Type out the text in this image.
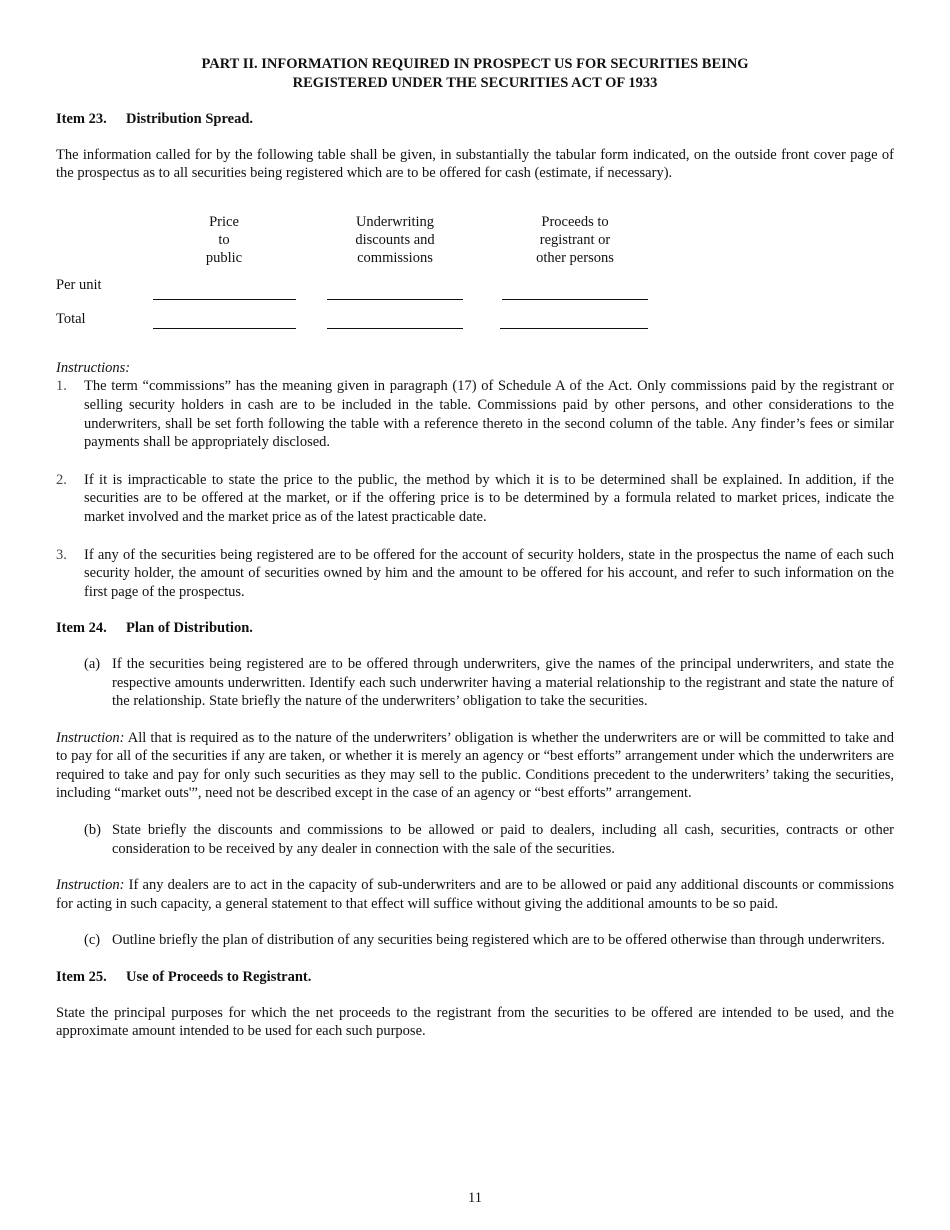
PART II. INFORMATION REQUIRED IN PROSPECT US FOR SECURITIES BEING
REGISTERED UNDER THE SECURITIES ACT OF 1933

Item 23. Distribution Spread.

The information called for by the following table shall be given, in substantially the tabular form indicated, on the outside front cover page of the prospectus as to all securities being registered which are to be offered for cash (estimate, if necessary).

Price
to
public
Underwriting
discounts and
commissions
Proceeds to
registrant or
other persons
Per unit
Total

Instructions:

1. The term “commissions” has the meaning given in paragraph (17) of Schedule A of the Act. Only commissions paid by the registrant or selling security holders in cash are to be included in the table. Commissions paid by other persons, and other considerations to the underwriters, shall be set forth following the table with a reference thereto in the second column of the table. Any finder’s fees or similar payments shall be appropriately disclosed.
2. If it is impracticable to state the price to the public, the method by which it is to be determined shall be explained. In addition, if the securities are to be offered at the market, or if the offering price is to be determined by a formula related to market prices, indicate the market involved and the market price as of the latest practicable date.
3. If any of the securities being registered are to be offered for the account of security holders, state in the prospectus the name of each such security holder, the amount of securities owned by him and the amount to be offered for his account, and refer to such information on the first page of the prospectus.

Item 24. Plan of Distribution.

(a) If the securities being registered are to be offered through underwriters, give the names of the principal underwriters, and state the respective amounts underwritten. Identify each such underwriter having a material relationship to the registrant and state the nature of the relationship. State briefly the nature of the underwriters’ obligation to take the securities.

Instruction: All that is required as to the nature of the underwriters’ obligation is whether the underwriters are or will be committed to take and to pay for all of the securities if any are taken, or whether it is merely an agency or “best efforts” arrangement under which the underwriters are required to take and pay for only such securities as they may sell to the public. Conditions precedent to the underwriters’ taking the securities, including “market outs'”, need not be described except in the case of an agency or “best efforts” arrangement.

(b) State briefly the discounts and commissions to be allowed or paid to dealers, including all cash, securities, contracts or other consideration to be received by any dealer in connection with the sale of the securities.

Instruction: If any dealers are to act in the capacity of sub-underwriters and are to be allowed or paid any additional discounts or commissions for acting in such capacity, a general statement to that effect will suffice without giving the additional amounts to be so paid.

(c) Outline briefly the plan of distribution of any securities being registered which are to be offered otherwise than through underwriters.

Item 25. Use of Proceeds to Registrant.

State the principal purposes for which the net proceeds to the registrant from the securities to be offered are intended to be used, and the approximate amount intended to be used for each such purpose.

11
